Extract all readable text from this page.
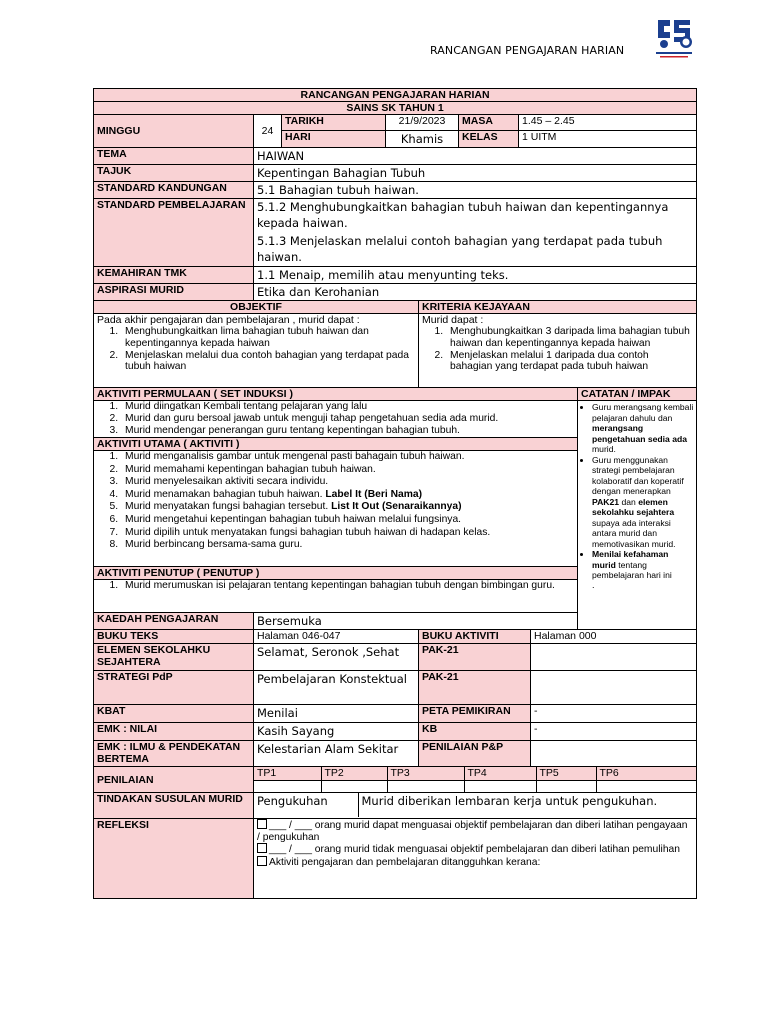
RANCANGAN PENGAJARAN HARIAN
RANCANGAN PENGAJARAN HARIAN
SAINS SK TAHUN 1
MINGGU	24	TARIKH	21/9/2023	MASA	1.45 – 2.45
HARI	Khamis	KELAS	1 UITM
TEMA	HAIWAN
TAJUK	Kepentingan Bahagian Tubuh
STANDARD KANDUNGAN	5.1 Bahagian tubuh haiwan.
STANDARD PEMBELAJARAN	5.1.2 Menghubungkaitkan bahagian tubuh haiwan dan kepentingannya kepada haiwan.
5.1.3 Menjelaskan melalui contoh bahagian yang terdapat pada tubuh haiwan.

KEMAHIRAN TMK	1.1 Menaip, memilih atau menyunting teks.
ASPIRASI MURID	Etika dan Kerohanian
OBJEKTIF	KRITERIA KEJAYAAN

Pada akhir pengajaran dan pembelajaran , murid dapat :
1. Menghubungkaitkan lima bahagian tubuh haiwan dan kepentingannya kepada haiwan
2. Menjelaskan melalui dua contoh bahagian yang terdapat pada tubuh haiwan

Murid dapat :
1. Menghubungkaitkan 3 daripada lima bahagian tubuh haiwan dan kepentingannya kepada haiwan
2. Menjelaskan melalui 1 daripada dua contoh bahagian yang terdapat pada tubuh haiwan

AKTIVITI PERMULAAN ( SET INDUKSI )	CATATAN / IMPAK

1. Murid diingatkan Kembali tentang pelajaran yang lalu
2. Murid dan guru bersoal jawab untuk menguji tahap pengetahuan sedia ada murid.
3. Murid mendengar penerangan guru tentang kepentingan bahagian tubuh.

• Guru merangsang kembali pelajaran dahulu dan merangsang pengetahuan sedia ada murid.
• Guru menggunakan strategi pembelajaran kolaboratif dan koperatif dengan menerapkan PAK21 dan elemen sekolahku sejahtera supaya ada interaksi antara murid dan memotivasikan murid.
• Menilai kefahaman murid tentang pembelajaran hari ini
.

AKTIVITI UTAMA ( AKTIVITI )

1. Murid menganalisis gambar untuk mengenal pasti bahagain tubuh haiwan.
2. Murid memahami kepentingan bahagian tubuh haiwan.
3. Murid menyelesaikan aktiviti secara individu.
4. Murid menamakan bahagian tubuh haiwan. Label It (Beri Nama)
5. Murid menyatakan fungsi bahagian tersebut. List It Out (Senaraikannya)
6. Murid mengetahui kepentingan bahagian tubuh haiwan melalui fungsinya.
7. Murid dipilih untuk menyatakan fungsi bahagian tubuh haiwan di hadapan kelas.
8. Murid berbincang bersama-sama guru.

AKTIVITI PENUTUP ( PENUTUP )

1. Murid merumuskan isi pelajaran tentang kepentingan bahagian tubuh dengan bimbingan guru.

KAEDAH PENGAJARAN	Bersemuka
BUKU TEKS	Halaman 046-047	BUKU AKTIVITI	Halaman 000
ELEMEN SEKOLAHKU SEJAHTERA	Selamat, Seronok ,Sehat	PAK-21	
STRATEGI PdP	Pembelajaran Konstektual	PAK-21	
KBAT	Menilai	PETA PEMIKIRAN	-
EMK : NILAI	Kasih Sayang	KB	-
EMK : ILMU & PENDEKATAN BERTEMA	Kelestarian Alam Sekitar	PENILAIAN P&P	
PENILAIAN	
TP1	TP2	TP3	TP4	TP5	TP6

TINDAKAN SUSULAN MURID	Pengukuhan	Murid diberikan lembaran kerja untuk pengukuhan.

REFLEKSI	___ / ___ orang murid dapat menguasai objektif pembelajaran dan diberi latihan pengayaan / pengukuhan
___ / ___ orang murid tidak menguasai objektif pembelajaran dan diberi latihan pemulihan
Aktiviti pengajaran dan pembelajaran ditangguhkan kerana:
